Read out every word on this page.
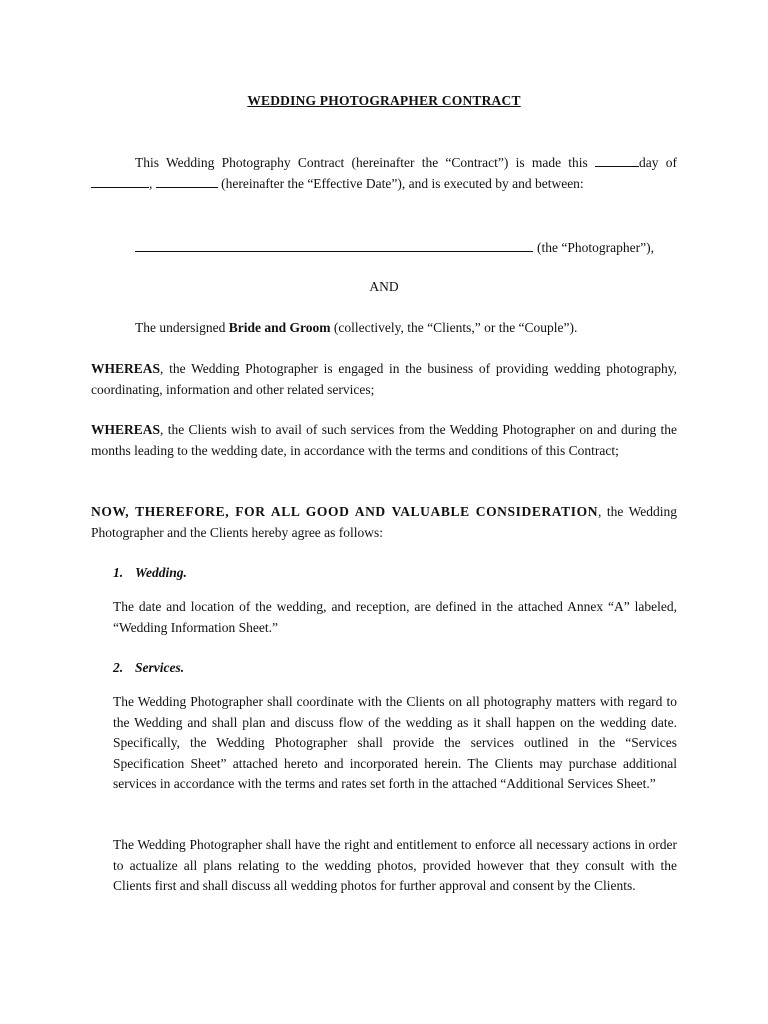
WEDDING PHOTOGRAPHER CONTRACT
This Wedding Photography Contract (hereinafter the “Contract”) is made this	day of ,	(hereinafter the “Effective Date”), and is executed by and between:
(the “Photographer”),
AND
The undersigned Bride and Groom (collectively, the “Clients,” or the “Couple”).
WHEREAS, the Wedding Photographer is engaged in the business of providing wedding photography, coordinating, information and other related services;
WHEREAS, the Clients wish to avail of such services from the Wedding Photographer on and during the months leading to the wedding date, in accordance with the terms and conditions of this Contract;
NOW, THEREFORE, FOR ALL GOOD AND VALUABLE CONSIDERATION, the Wedding Photographer and the Clients hereby agree as follows:
1. Wedding.
The date and location of the wedding, and reception, are defined in the attached Annex “A” labeled, “Wedding Information Sheet.”
2. Services.
The Wedding Photographer shall coordinate with the Clients on all photography matters with regard to the Wedding and shall plan and discuss flow of the wedding as it shall happen on the wedding date. Specifically, the Wedding Photographer shall provide the services outlined in the “Services Specification Sheet” attached hereto and incorporated herein. The Clients may purchase additional services in accordance with the terms and rates set forth in the attached “Additional Services Sheet.”
The Wedding Photographer shall have the right and entitlement to enforce all necessary actions in order to actualize all plans relating to the wedding photos, provided however that they consult with the Clients first and shall discuss all wedding photos for further approval and consent by the Clients.
